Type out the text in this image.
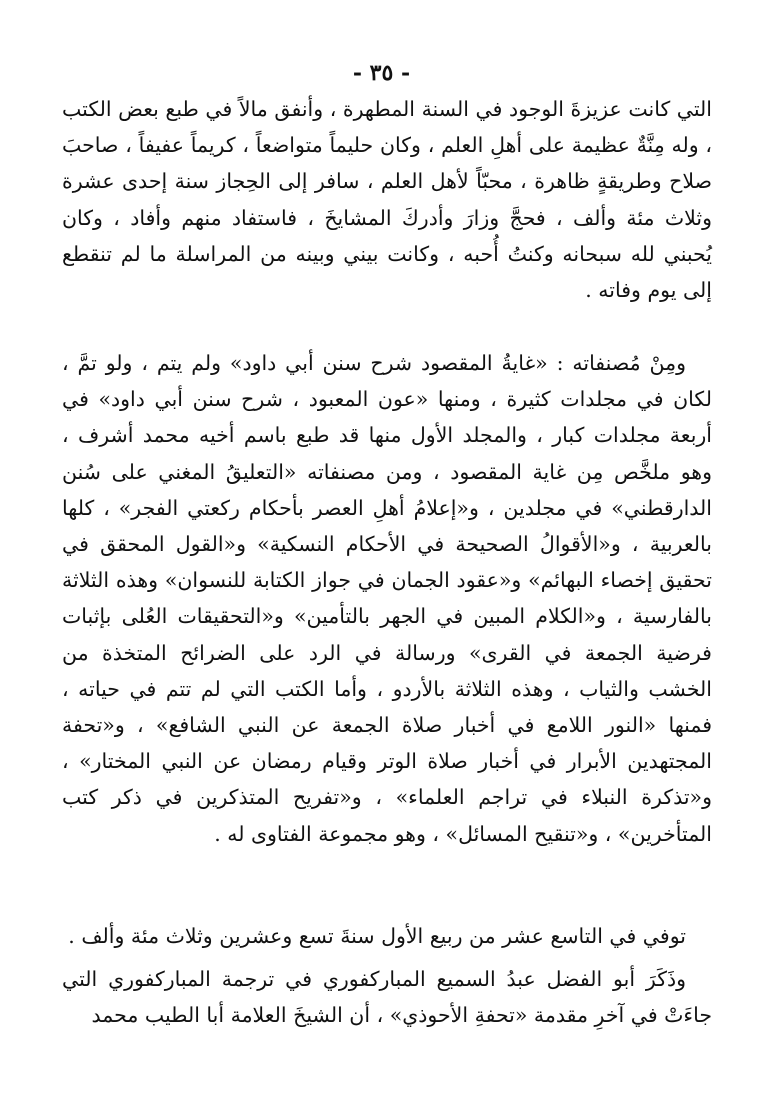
- ٣٥ -
التي كانت عزيزةَ الوجود في السنة المطهرة ، وأنفق مالاً في طبع بعض الكتب ، وله مِنَّةٌ عظيمة على أهلِ العلم ، وكان حليماً متواضعاً ، كريماً عفيفاً ، صاحبَ صلاح وطريقةٍ ظاهرة ، محبّاً لأهل العلم ، سافر إلى الحِجاز سنة إحدى عشرة وثلاث مئة وألف ، فحجَّ وزارَ وأدركَ المشايخَ ، فاستفاد منهم وأفاد ، وكان يُحبني لله سبحانه وكنتُ أُحبه ، وكانت بيني وبينه من المراسلة ما لم تنقطع إلى يوم وفاته .
ومِنْ مُصنفاته : «غايةُ المقصود شرح سنن أبي داود» ولم يتم ، ولو تمَّ ، لكان في مجلدات كثيرة ، ومنها «عون المعبود ، شرح سنن أبي داود» في أربعة مجلدات كبار ، والمجلد الأول منها قد طبع باسم أخيه محمد أشرف ، وهو ملخَّص مِن غاية المقصود ، ومن مصنفاته «التعليقُ المغني على سُنن الدارقطني» في مجلدين ، و«إعلامُ أهلِ العصر بأحكام ركعتي الفجر» ، كلها بالعربية ، و«الأقوالُ الصحيحة في الأحكام النسكية» و«القول المحقق في تحقيق إخصاء البهائم» و«عقود الجمان في جواز الكتابة للنسوان» وهذه الثلاثة بالفارسية ، و«الكلام المبين في الجهر بالتأمين» و«التحقيقات العُلى بإثبات فرضية الجمعة في القرى» ورسالة في الرد على الضرائح المتخذة من الخشب والثياب ، وهذه الثلاثة بالأردو ، وأما الكتب التي لم تتم في حياته ، فمنها «النور اللامع في أخبار صلاة الجمعة عن النبي الشافع» ، و«تحفة المجتهدين الأبرار في أخبار صلاة الوتر وقيام رمضان عن النبي المختار» ، و«تذكرة النبلاء في تراجم العلماء» ، و«تفريح المتذكرين في ذكر كتب المتأخرين» ، و«تنقيح المسائل» ، وهو مجموعة الفتاوى له .
توفي في التاسع عشر من ربيع الأول سنةَ تسع وعشرين وثلاث مئة وألف .
وذَكَرَ أبو الفضل عبدُ السميع المباركفوري في ترجمة المباركفوري التي جاءَتْ في آخرِ مقدمة «تحفةِ الأحوذي» ، أن الشيخَ العلامة أبا الطيب محمد
